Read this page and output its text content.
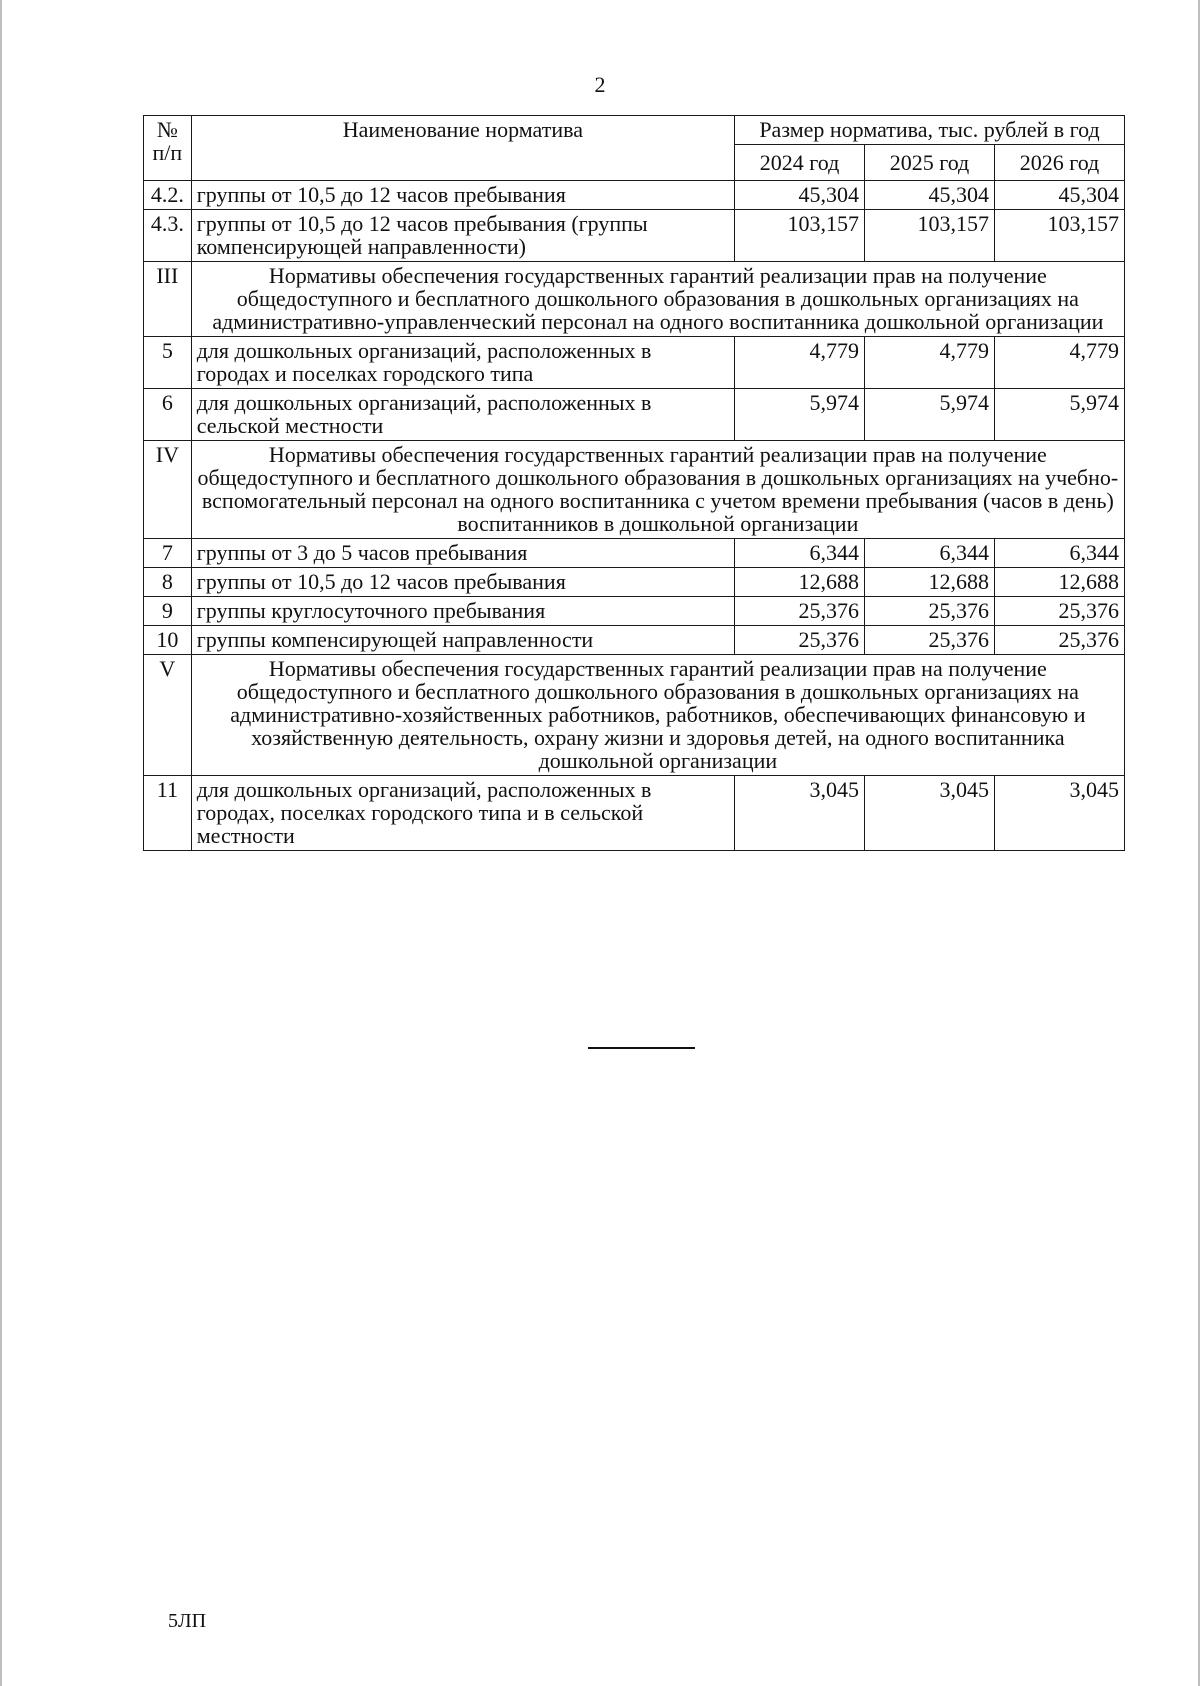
2
№ п/п	Наименование норматива	Размер норматива, тыс. рублей в год		
		2024 год	2025 год	2026 год
4.2.	группы от 10,5 до 12 часов пребывания	45,304	45,304	45,304
4.3.	группы от 10,5 до 12 часов пребывания (группы компенсирующей направленности)	103,157	103,157	103,157
III	Нормативы обеспечения государственных гарантий реализации прав на получение общедоступного и бесплатного дошкольного образования в дошкольных организациях на административно-управленческий персонал на одного воспитанника дошкольной организации			
5	для дошкольных организаций, расположенных в городах и поселках городского типа	4,779	4,779	4,779
6	для дошкольных организаций, расположенных в сельской местности	5,974	5,974	5,974
IV	Нормативы обеспечения государственных гарантий реализации прав на получение общедоступного и бесплатного дошкольного образования в дошкольных организациях на учебно-вспомогательный персонал на одного воспитанника с учетом времени пребывания (часов в день) воспитанников в дошкольной организации			
7	группы от 3 до 5 часов пребывания	6,344	6,344	6,344
8	группы от 10,5 до 12 часов пребывания	12,688	12,688	12,688
9	группы круглосуточного пребывания	25,376	25,376	25,376
10	группы компенсирующей направленности	25,376	25,376	25,376
V	Нормативы обеспечения государственных гарантий реализации прав на получение общедоступного и бесплатного дошкольного образования в дошкольных организациях на административно-хозяйственных работников, работников, обеспечивающих финансовую и хозяйственную деятельность, охрану жизни и здоровья детей, на одного воспитанника дошкольной организации			
11	для дошкольных организаций, расположенных в городах, поселках городского типа и в сельской местности	3,045	3,045	3,045
5ЛП
